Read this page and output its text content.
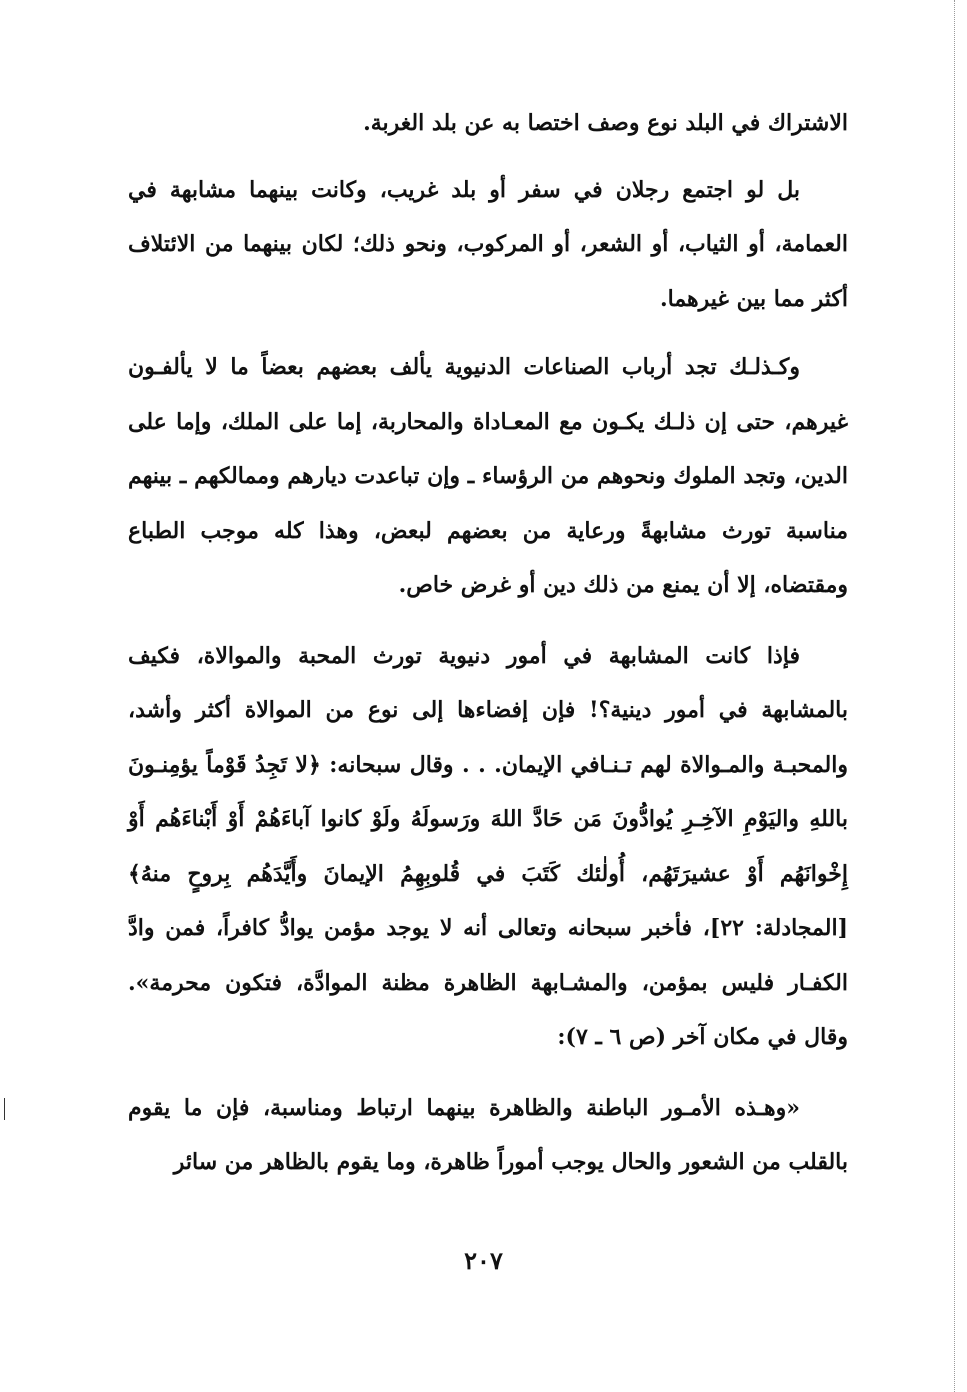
الاشتراك في البلد نوع وصف اختصا به عن بلد الغربة.

بل لو اجتمع رجلان في سفر أو بلد غريب، وكانت بينهما مشابهة في العمامة، أو الثياب، أو الشعر، أو المركوب، ونحو ذلك؛ لكان بينهما من الائتلاف أكثر مما بين غيرهما.

وكـذلـك تجد أرباب الصناعات الدنيوية يألف بعضهم بعضاً ما لا يألفـون غيرهم، حتى إن ذلـك يكـون مع المعـاداة والمحاربة، إما على الملك، وإما على الدين، وتجد الملوك ونحوهم من الرؤساء ـ وإن تباعدت ديارهم وممالكهم ـ بينهم مناسبة تورث مشابهةً ورعاية من بعضهم لبعض، وهذا كله موجب الطباع ومقتضاه، إلا أن يمنع من ذلك دين أو غرض خاص.

فإذا كانت المشابهة في أمور دنيوية تورث المحبة والموالاة، فكيف بالمشابهة في أمور دينية؟! فإن إفضاءها إلى نوع من الموالاة أكثر وأشد، والمحبـة والمـوالاة لهم تـنـافي الإيمان. . . وقال سبحانه: ﴿لا تَجِدُ قَوْماً يؤمِنـونَ باللهِ واليَوْمِ الآخِـرِ يُوادُّونَ مَن حَادَّ اللهَ ورَسولَهُ ولَوْ كانوا آباءَهُمْ أَوْ أَبْناءَهُم أَوْ إِخْوانَهُم أَوْ عشيرَتَهُم، أُولٰئك كَتَبَ في قُلوبِهِمُ الإيمانَ وأَيَّدَهُم بِروحٍ منهُ﴾ [المجادلة: ٢٢]، فأخبر سبحانه وتعالى أنه لا يوجد مؤمن يوادُّ كافراً، فمن وادَّ الكفـار فليس بمؤمن، والمشـابهة الظاهرة مظنة الموادَّة، فتكون محرمة». وقال في مكان آخر (ص ٦ ـ ٧):

«وهـذه الأمـور الباطنة والظاهرة بينهما ارتباط ومناسبة، فإن ما يقوم بالقلب من الشعور والحال يوجب أموراً ظاهرة، وما يقوم بالظاهر من سائر

٢٠٧
